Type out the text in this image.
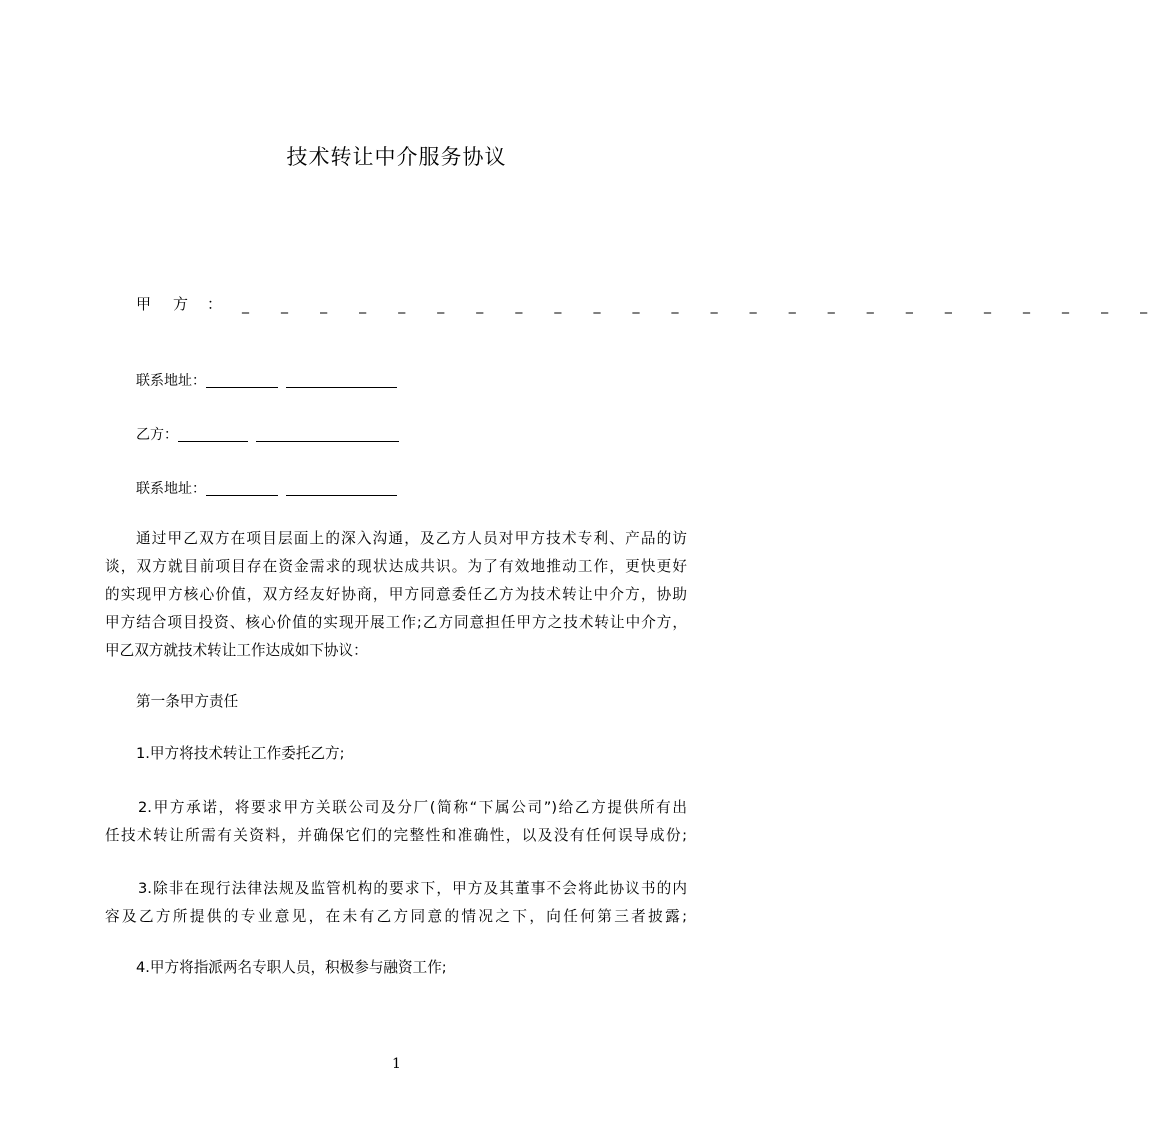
技术转让中介服务协议
甲方
： _ _ _ _ _ _ _ _ _ _ _ _ _ _ _ _ _ _ _ _ _ _ _ _
联系地址：
乙方：
联系地址：
通过甲乙双方在项目层面上的深入沟通，及乙方人员对甲方技术专利、产品的访
谈，双方就目前项目存在资金需求的现状达成共识。为了有效地推动工作，更快更好
的实现甲方核心价值，双方经友好协商，甲方同意委任乙方为技术转让中介方，协助
甲方结合项目投资、核心价值的实现开展工作;乙方同意担任甲方之技术转让中介方，
甲乙双方就技术转让工作达成如下协议：
第一条甲方责任
1.甲方将技术转让工作委托乙方;
2.甲方承诺，将要求甲方关联公司及分厂(简称“下属公司”)给乙方提供所有出
任技术转让所需有关资料，并确保它们的完整性和准确性，以及没有任何误导成份;
3.除非在现行法律法规及监管机构的要求下，甲方及其董事不会将此协议书的内
容及乙方所提供的专业意见，在未有乙方同意的情况之下，向任何第三者披露;
4.甲方将指派两名专职人员，积极参与融资工作;
1
